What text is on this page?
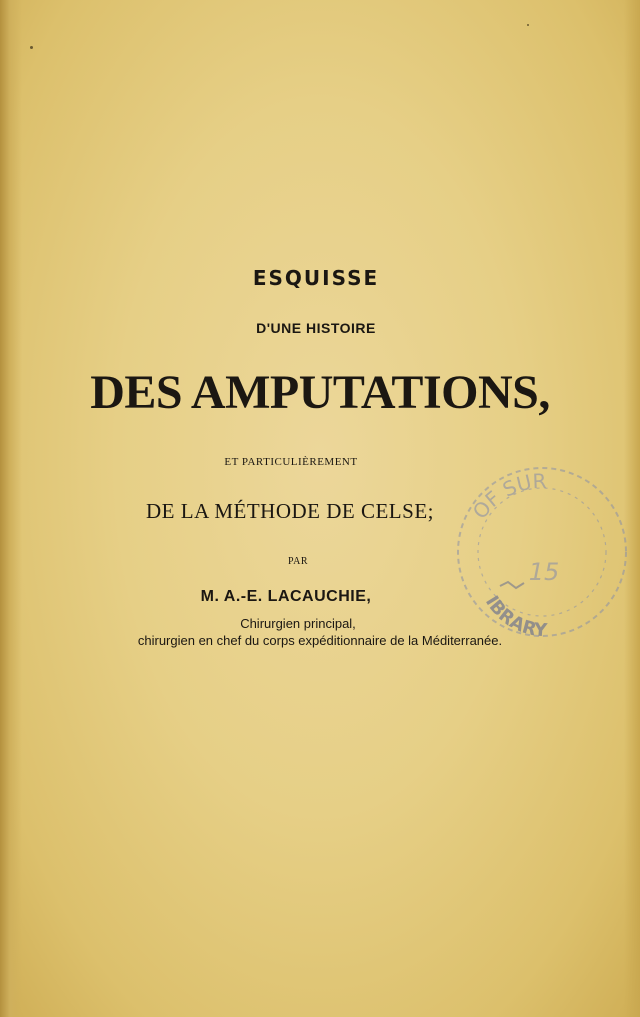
ESQUISSE
D'UNE HISTOIRE
DES AMPUTATIONS,
ET PARTICULIÈREMENT
DE LA MÉTHODE DE CELSE;
PAR
M. A.-E. LACAUCHIE,
Chirurgien principal,
chirurgien en chef du corps expéditionnaire de la Méditerranée.
OF SUR
15
IBRARY
